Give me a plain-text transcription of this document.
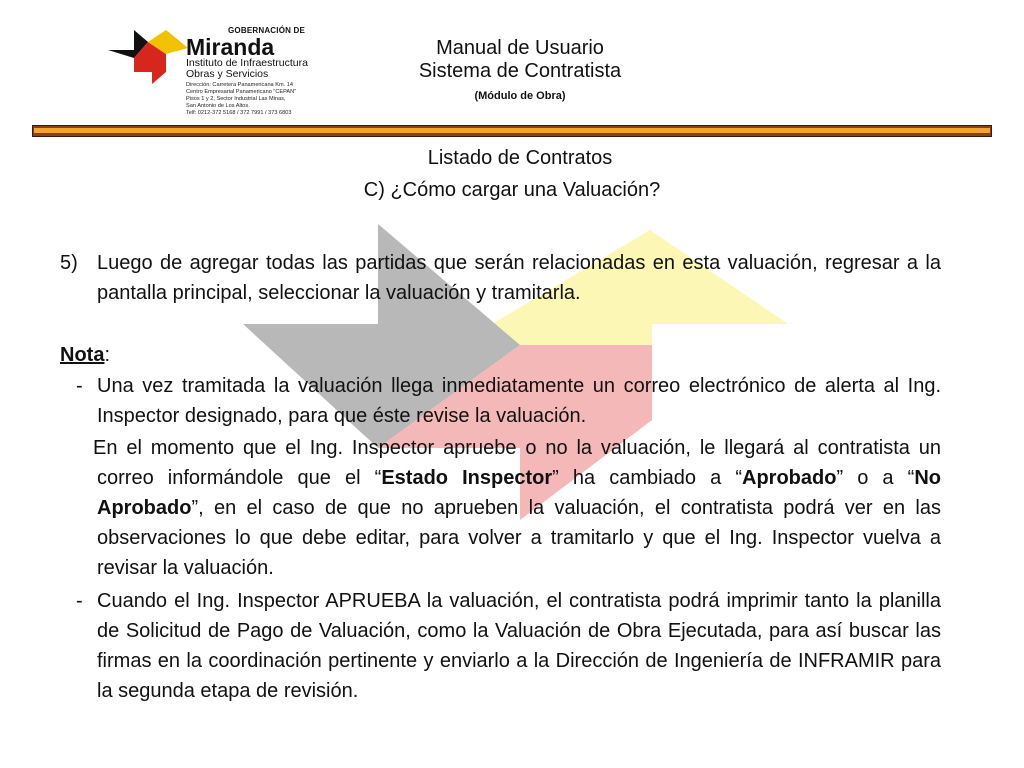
GOBERNACIÓN DE
Miranda
Instituto de Infraestructura
Obras y Servicios
Dirección: Carretera Panamericana Km. 14
Centro Empresarial Panamericano "CEPAN"
Pisos 1 y 2, Sector Industrial Las Minas,
San Antonio de Los Altos.
Telf: 0212-372 5168 / 372 7991 / 373 6803
Manual de Usuario
Sistema de Contratista
(Módulo de Obra)
Listado de Contratos
C) ¿Cómo cargar una Valuación?
5) Luego de agregar todas las partidas que serán relacionadas en esta valuación, regresar a la pantalla principal, seleccionar la valuación y tramitarla.
Nota:
- Una vez tramitada la valuación llega inmediatamente un correo electrónico de alerta al Ing. Inspector designado, para que éste revise la valuación.
En el momento que el Ing. Inspector apruebe o no la valuación, le llegará al contratista un correo informándole que el “Estado Inspector” ha cambiado a “Aprobado” o a “No Aprobado”, en el caso de que no aprueben la valuación, el contratista podrá ver en las observaciones lo que debe editar, para volver a tramitarlo y que el Ing. Inspector vuelva a revisar la valuación.
- Cuando el Ing. Inspector APRUEBA la valuación, el contratista podrá imprimir tanto la planilla de Solicitud de Pago de Valuación, como la Valuación de Obra Ejecutada, para así buscar las firmas en la coordinación pertinente y enviarlo a la Dirección de Ingeniería de INFRAMIR para la segunda etapa de revisión.
